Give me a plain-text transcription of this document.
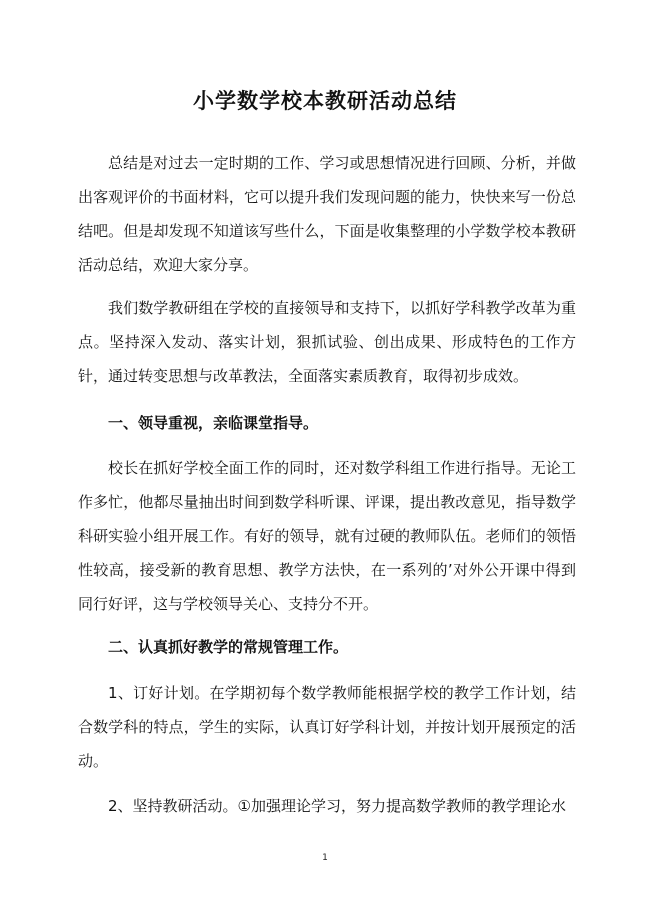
小学数学校本教研活动总结

总结是对过去一定时期的工作、学习或思想情况进行回顾、分析，并做出客观评价的书面材料，它可以提升我们发现问题的能力，快快来写一份总结吧。但是却发现不知道该写些什么，下面是收集整理的小学数学校本教研活动总结，欢迎大家分享。

我们数学教研组在学校的直接领导和支持下，以抓好学科教学改革为重点。坚持深入发动、落实计划，狠抓试验、创出成果、形成特色的工作方针，通过转变思想与改革教法，全面落实素质教育，取得初步成效。

一、领导重视，亲临课堂指导。

校长在抓好学校全面工作的同时，还对数学科组工作进行指导。无论工作多忙，他都尽量抽出时间到数学科听课、评课，提出教改意见，指导数学科研实验小组开展工作。有好的领导，就有过硬的教师队伍。老师们的领悟性较高，接受新的教育思想、教学方法快，在一系列的’对外公开课中得到同行好评，这与学校领导关心、支持分不开。

二、认真抓好教学的常规管理工作。

1、订好计划。在学期初每个数学教师能根据学校的教学工作计划，结合数学科的特点，学生的实际，认真订好学科计划，并按计划开展预定的活动。

2、坚持教研活动。①加强理论学习，努力提高数学教师的教学理论水

1
